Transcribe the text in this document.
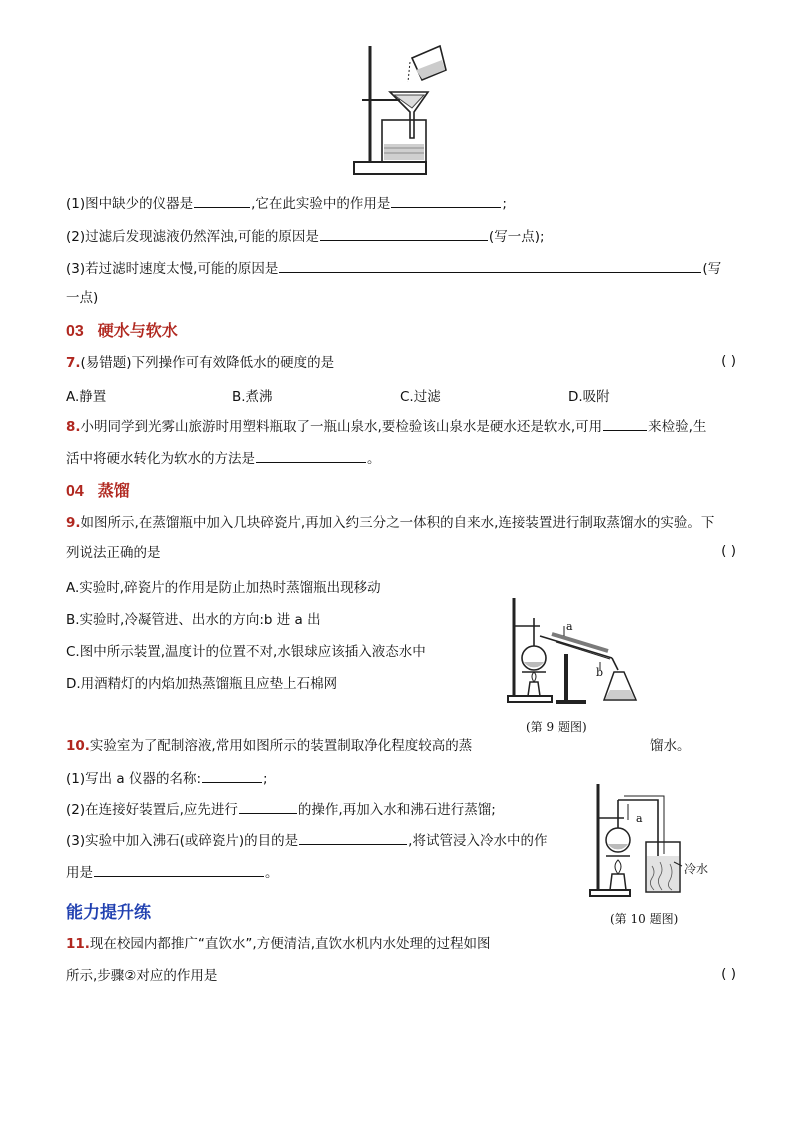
(1)图中缺少的仪器是	,它在此实验中的作用是	;
(2)过滤后发现滤液仍然浑浊,可能的原因是	(写一点);
(3)若过滤时速度太慢,可能的原因是	(写
一点)
03 硬水与软水
7.(易错题)下列操作可有效降低水的硬度的是	( )
A.静置	B.煮沸	C.过滤	D.吸附
8.小明同学到光雾山旅游时用塑料瓶取了一瓶山泉水,要检验该山泉水是硬水还是软水,可用	来检验,生
活中将硬水转化为软水的方法是	。
04 蒸馏
9.如图所示,在蒸馏瓶中加入几块碎瓷片,再加入约三分之一体积的自来水,连接装置进行制取蒸馏水的实验。下
列说法正确的是	( )
A.实验时,碎瓷片的作用是防止加热时蒸馏瓶出现移动
B.实验时,冷凝管进、出水的方向:b 进 a 出
C.图中所示装置,温度计的位置不对,水银球应该插入液态水中
D.用酒精灯的内焰加热蒸馏瓶且应垫上石棉网
a
b
(第 9 题图)
10.实验室为了配制溶液,常用如图所示的装置制取净化程度较高的蒸	馏水。
(1)写出 a 仪器的名称:	;
(2)在连接好装置后,应先进行	的操作,再加入水和沸石进行蒸馏;
(3)实验中加入沸石(或碎瓷片)的目的是	,将试管浸入冷水中的作
用是	。
a
冷水
(第 10 题图)
能力提升练
11.现在校园内都推广“直饮水”,方便清洁,直饮水机内水处理的过程如图
所示,步骤②对应的作用是	( )
